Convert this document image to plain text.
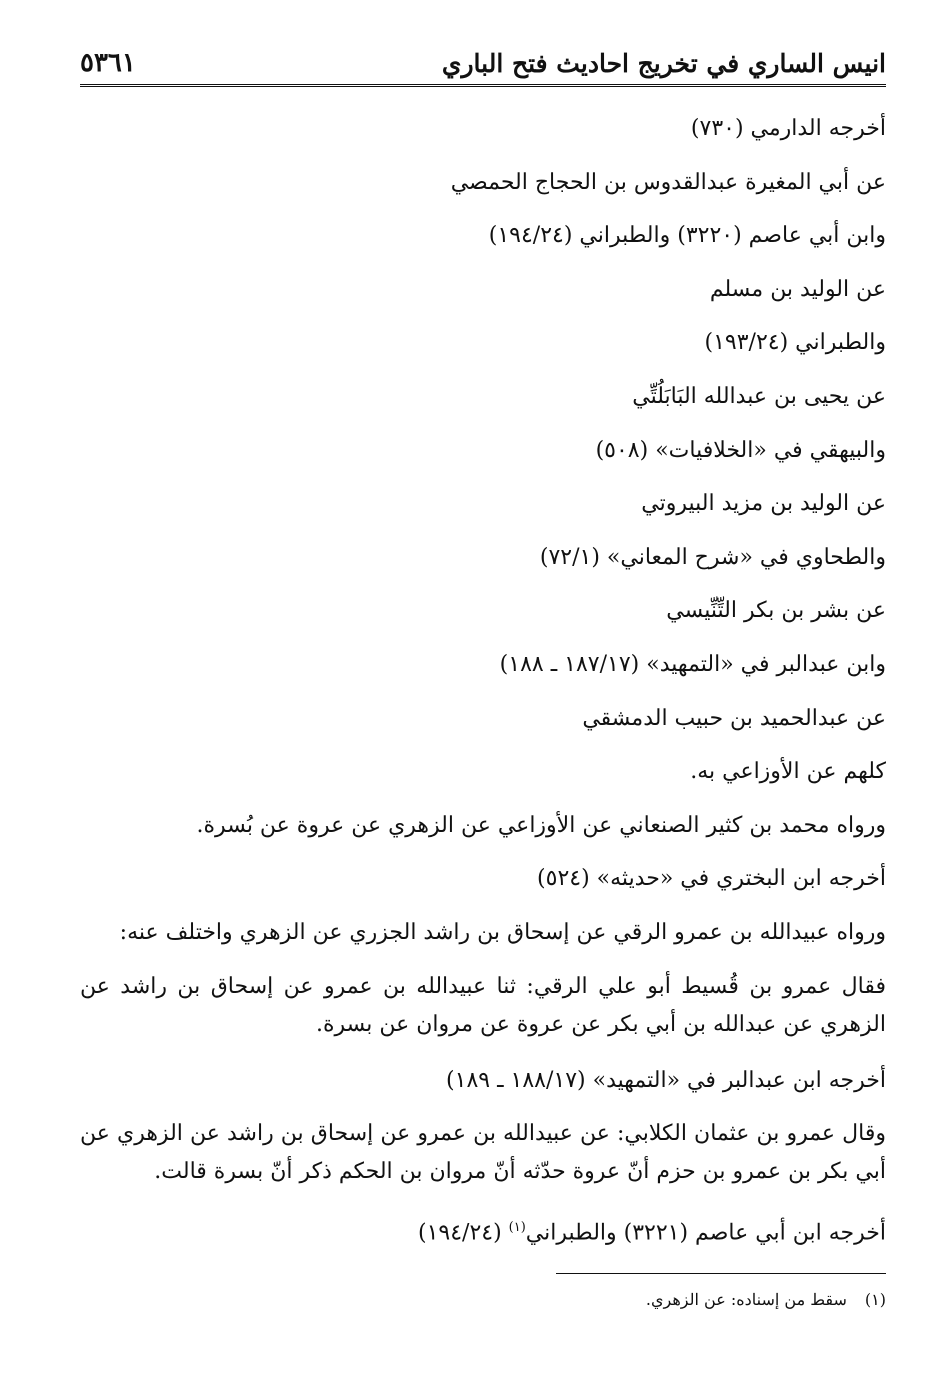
انيس الساري في تخريج احاديث فتح الباري
٥٣٦١
أخرجه الدارمي (٧٣٠)
عن أبي المغيرة عبدالقدوس بن الحجاج الحمصي
وابن أبي عاصم (٣٢٢٠) والطبراني (١٩٤/٢٤)
عن الوليد بن مسلم
والطبراني (١٩٣/٢٤)
عن يحيى بن عبدالله البَابَلُتِّي
والبيهقي في «الخلافيات» (٥٠٨)
عن الوليد بن مزيد البيروتي
والطحاوي في «شرح المعاني» (٧٢/١)
عن بشر بن بكر التِّنِّيسي
وابن عبدالبر في «التمهيد» (١٨٧/١٧ ـ ١٨٨)
عن عبدالحميد بن حبيب الدمشقي
كلهم عن الأوزاعي به.
ورواه محمد بن كثير الصنعاني عن الأوزاعي عن الزهري عن عروة عن بُسرة.
أخرجه ابن البختري في «حديثه» (٥٢٤)
ورواه عبيدالله بن عمرو الرقي عن إسحاق بن راشد الجزري عن الزهري واختلف عنه:
فقال عمرو بن قُسيط أبو علي الرقي: ثنا عبيدالله بن عمرو عن إسحاق بن راشد عن الزهري عن عبدالله بن أبي بكر عن عروة عن مروان عن بسرة.
أخرجه ابن عبدالبر في «التمهيد» (١٨٨/١٧ ـ ١٨٩)
وقال عمرو بن عثمان الكلابي: عن عبيدالله بن عمرو عن إسحاق بن راشد عن الزهري عن أبي بكر بن عمرو بن حزم أنّ عروة حدّثه أنّ مروان بن الحكم ذكر أنّ بسرة قالت.
أخرجه ابن أبي عاصم (٣٢٢١) والطبراني$^{(١)}$ (١٩٤/٢٤)
(١)سقط من إسناده: عن الزهري.
